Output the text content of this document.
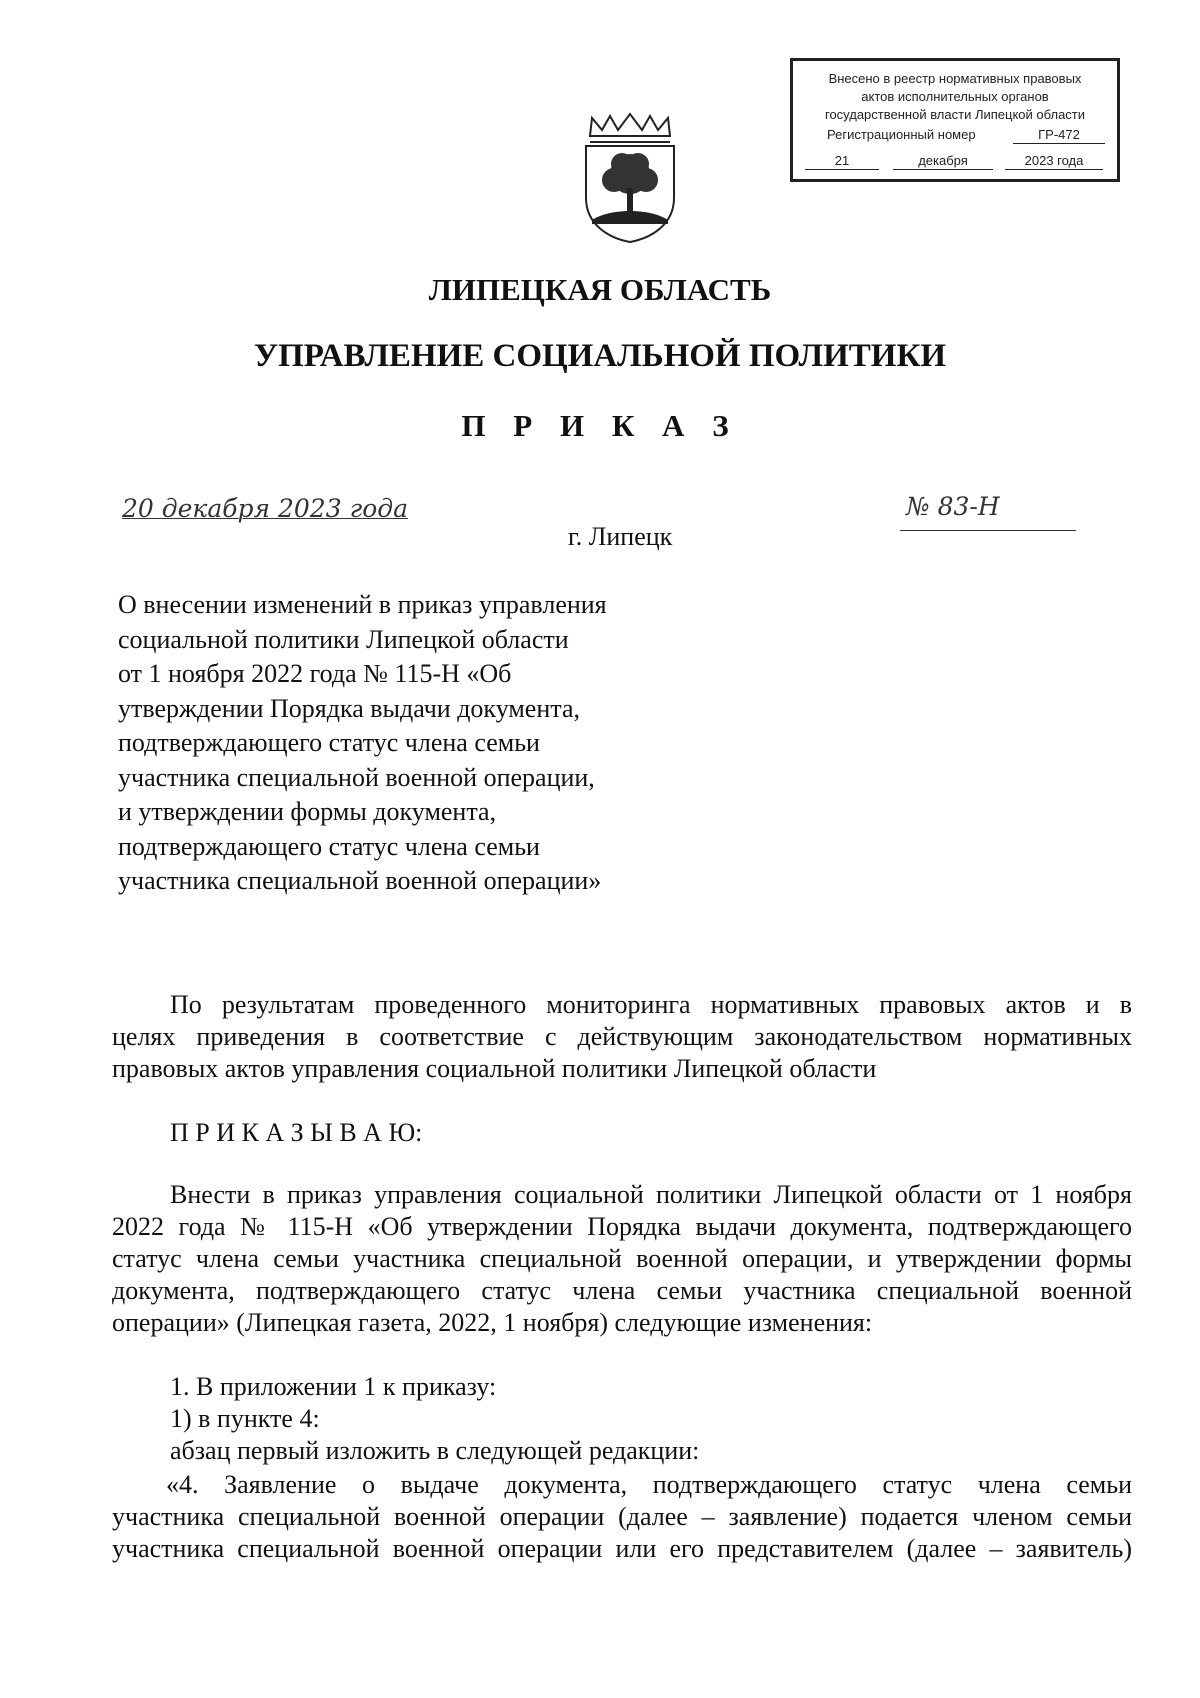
Внесено в реестр нормативных правовых
актов исполнительных органов
государственной власти Липецкой области
Регистрационный номер	ГР-472
21	декабря	2023 года
ЛИПЕЦКАЯ ОБЛАСТЬ
УПРАВЛЕНИЕ СОЦИАЛЬНОЙ ПОЛИТИКИ
П Р И К А З
20 декабря 2023 года	№ 83-Н
г. Липецк
О внесении изменений в приказ управления
социальной политики Липецкой области
от 1 ноября 2022 года № 115-Н «Об
утверждении Порядка выдачи документа,
подтверждающего статус члена семьи
участника специальной военной операции,
и утверждении формы документа,
подтверждающего статус члена семьи
участника специальной военной операции»
По результатам проведенного мониторинга нормативных правовых актов и в
целях приведения в соответствие с действующим законодательством нормативных
правовых актов управления социальной политики Липецкой области
П Р И К А З Ы В А Ю:
Внести в приказ управления социальной политики Липецкой области от 1 ноября
2022 года № 115-Н «Об утверждении Порядка выдачи документа, подтверждающего
статус члена семьи участника специальной военной операции, и утверждении формы
документа, подтверждающего статус члена семьи участника специальной военной
операции» (Липецкая газета, 2022, 1 ноября) следующие изменения:
1. В приложении 1 к приказу:
1) в пункте 4:
абзац первый изложить в следующей редакции:
«4. Заявление о выдаче документа, подтверждающего статус члена семьи
участника специальной военной операции (далее – заявление) подается членом семьи
участника специальной военной операции или его представителем (далее – заявитель)
